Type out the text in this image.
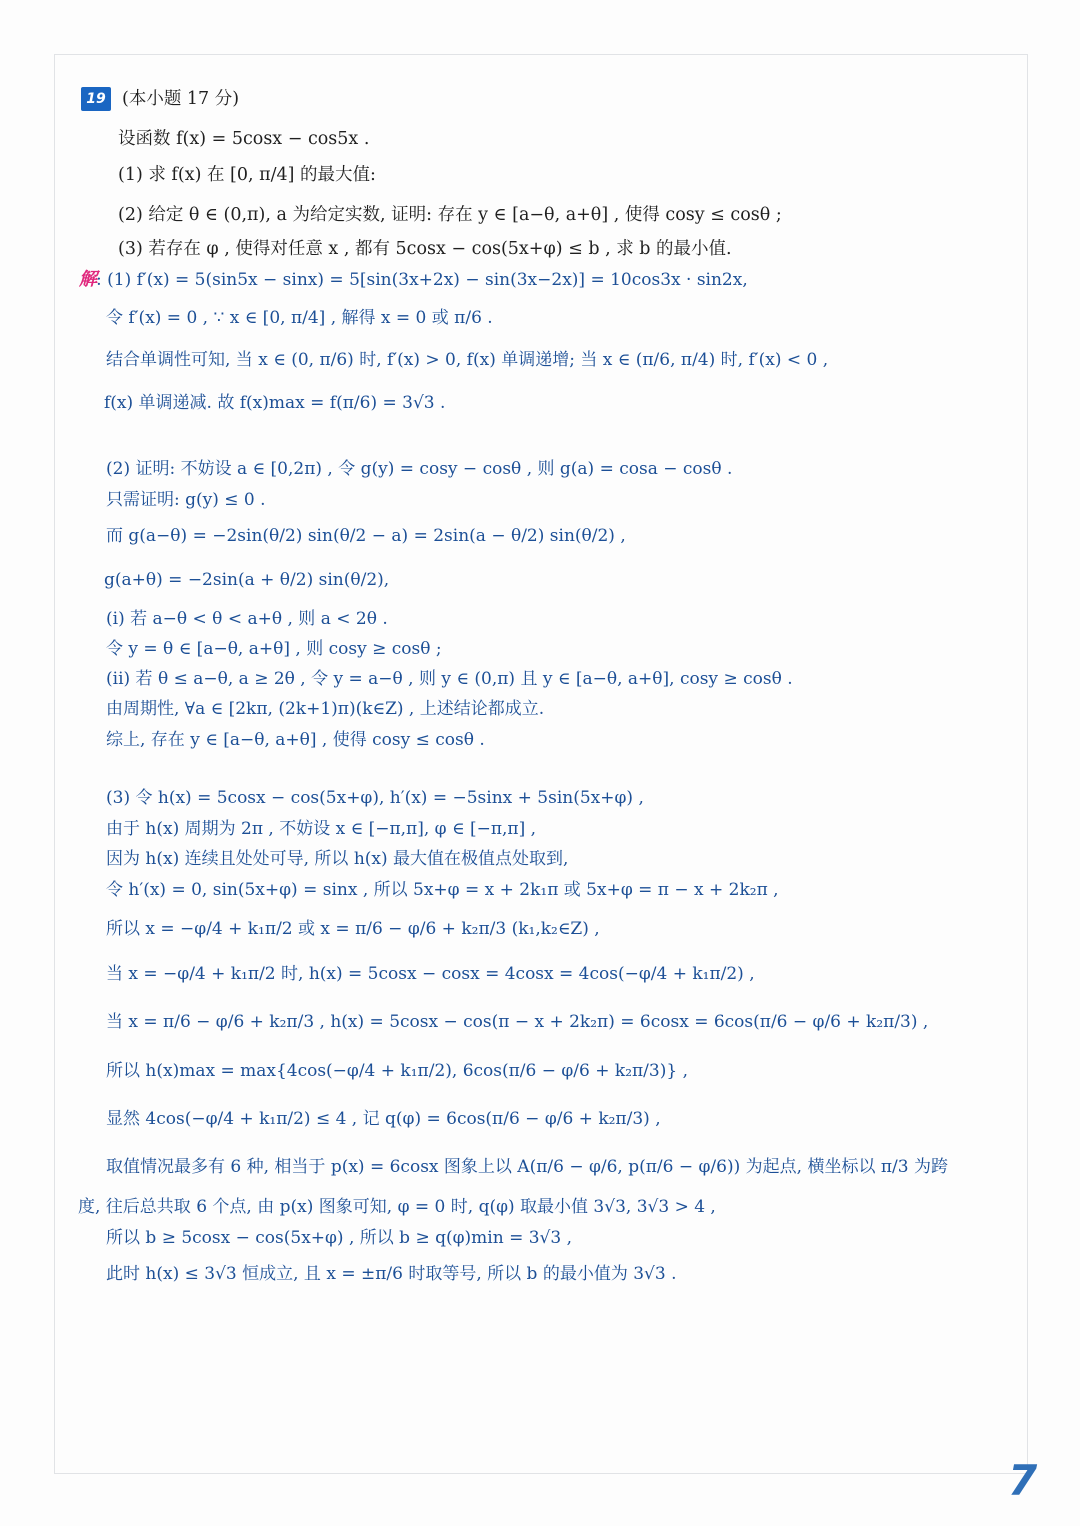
19 (本小题 17 分)
设函数 f(x) = 5cosx − cos5x .
(1) 求 f(x) 在 [0, π/4] 的最大值:
(2) 给定 θ ∈ (0,π), a 为给定实数, 证明: 存在 y ∈ [a−θ, a+θ] , 使得 cosy ≤ cosθ ;
(3) 若存在 φ , 使得对任意 x , 都有 5cosx − cos(5x+φ) ≤ b , 求 b 的最小值.
解 : (1) f′(x) = 5(sin5x − sinx) = 5[sin(3x+2x) − sin(3x−2x)] = 10cos3x · sin2x,
令 f′(x) = 0 , ∵ x ∈ [0, π/4] , 解得 x = 0 或 π/6 .
结合单调性可知, 当 x ∈ (0, π/6) 时, f′(x) > 0, f(x) 单调递增; 当 x ∈ (π/6, π/4) 时, f′(x) < 0 ,
f(x) 单调递减. 故 f(x)max = f(π/6) = 3√3 .
(2) 证明: 不妨设 a ∈ [0,2π) , 令 g(y) = cosy − cosθ , 则 g(a) = cosa − cosθ .
只需证明: g(y) ≤ 0 .
而 g(a−θ) = −2sin(θ/2) sin(θ/2 − a) = 2sin(a − θ/2) sin(θ/2) ,
g(a+θ) = −2sin(a + θ/2) sin(θ/2),
(i) 若 a−θ < θ < a+θ , 则 a < 2θ .
令 y = θ ∈ [a−θ, a+θ] , 则 cosy ≥ cosθ ;
(ii) 若 θ ≤ a−θ, a ≥ 2θ , 令 y = a−θ , 则 y ∈ (0,π) 且 y ∈ [a−θ, a+θ], cosy ≥ cosθ .
由周期性, ∀a ∈ [2kπ, (2k+1)π)(k∈Z) , 上述结论都成立.
综上, 存在 y ∈ [a−θ, a+θ] , 使得 cosy ≤ cosθ .
(3) 令 h(x) = 5cosx − cos(5x+φ), h′(x) = −5sinx + 5sin(5x+φ) ,
由于 h(x) 周期为 2π , 不妨设 x ∈ [−π,π], φ ∈ [−π,π] ,
因为 h(x) 连续且处处可导, 所以 h(x) 最大值在极值点处取到,
令 h′(x) = 0, sin(5x+φ) = sinx , 所以 5x+φ = x + 2k₁π 或 5x+φ = π − x + 2k₂π ,
所以 x = −φ/4 + k₁π/2 或 x = π/6 − φ/6 + k₂π/3 (k₁,k₂∈Z) ,
当 x = −φ/4 + k₁π/2 时, h(x) = 5cosx − cosx = 4cosx = 4cos(−φ/4 + k₁π/2) ,
当 x = π/6 − φ/6 + k₂π/3 , h(x) = 5cosx − cos(π − x + 2k₂π) = 6cosx = 6cos(π/6 − φ/6 + k₂π/3) ,
所以 h(x)max = max{4cos(−φ/4 + k₁π/2), 6cos(π/6 − φ/6 + k₂π/3)} ,
显然 4cos(−φ/4 + k₁π/2) ≤ 4 , 记 q(φ) = 6cos(π/6 − φ/6 + k₂π/3) ,
取值情况最多有 6 种, 相当于 p(x) = 6cosx 图象上以 A(π/6 − φ/6, p(π/6 − φ/6)) 为起点, 横坐标以 π/3 为跨
度, 往后总共取 6 个点, 由 p(x) 图象可知, φ = 0 时, q(φ) 取最小值 3√3, 3√3 > 4 ,
所以 b ≥ 5cosx − cos(5x+φ) , 所以 b ≥ q(φ)min = 3√3 ,
此时 h(x) ≤ 3√3 恒成立, 且 x = ±π/6 时取等号, 所以 b 的最小值为 3√3 .
7
